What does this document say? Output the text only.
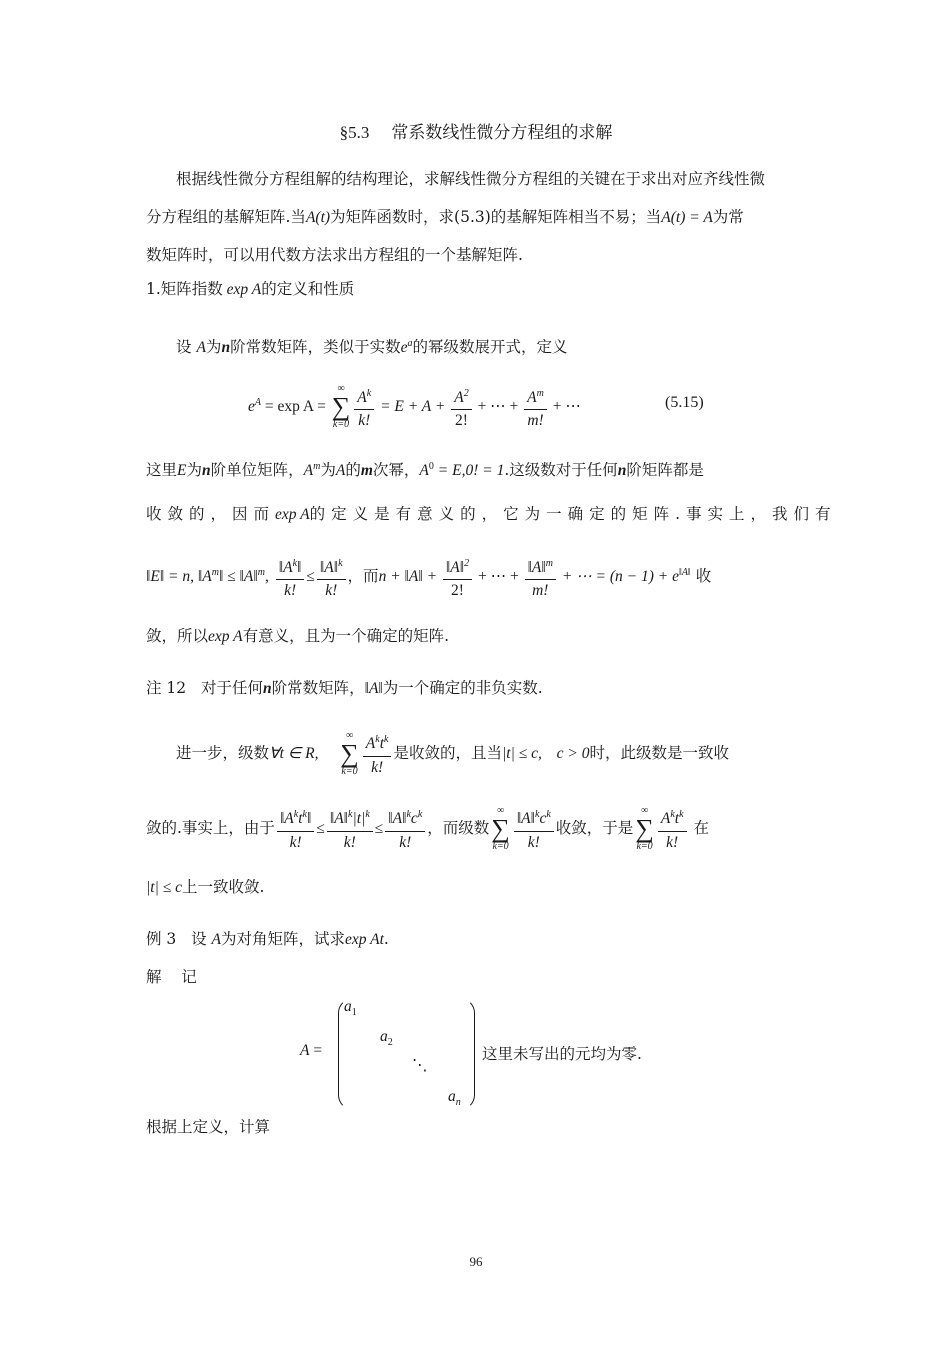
§5.3 常系数线性微分方程组的求解
根据线性微分方程组解的结构理论，求解线性微分方程组的关键在于求出对应齐线性微
分方程组的基解矩阵.当A(t)为矩阵函数时，求(5.3)的基解矩阵相当不易；当A(t) = A为常
数矩阵时，可以用代数方法求出方程组的一个基解矩阵.
1.矩阵指数 exp A的定义和性质
设 A为n阶常数矩阵，类似于实数$e^a$的幂级数展开式，定义
$e^A = \exp A$ =
∞
∑
$k=0 \frac{A^k}{k!} = E + A + \frac{A^2}{2!}$ + ⋯ + $\frac{A^m}{m!}$ + ⋯	(5.15)
这里E为n阶单位矩阵，$A^m$为A的m次幂，$A^0 = E,0$! = 1.这级数对于任何n阶矩阵都是
收敛的，因而exp A的定义是有意义的，它为一确定的矩阵.事实上，我们有
‖E‖ = n, $‖A^m‖$ ≤ ‖A‖$^m$, $\frac{‖A^k‖}{k!} \le \frac{‖A‖^k}{k!}$ ，而n + ‖A‖ + $\frac{‖A‖^2}{2!}$ + ⋯ + $\frac{‖A‖^m}{m!}$ + ⋯ = $(n - 1) + e^{‖A‖}$ 收
敛，所以exp A有意义，且为一个确定的矩阵.
注 12 对于任何n阶常数矩阵，‖A‖为一个确定的非负实数.
进一步，级数∀t ∈ R,
∞
∑
$k=0 \frac{A^kt^k}{k!}$ 是收敛的，且当|t| ≤ c, c > 0时，此级数是一致收
敛的.事实上，由于 $\frac{‖A^kt^k‖}{k!} \le \frac{‖A‖^k|t|^k}{k!} \le \frac{‖A‖^kc^k}{k!}$ ，而级数
∞
∑
$k=0 \frac{‖A‖^kc^k}{k!}$ 收敛，于是
∞
∑
$k=0 \frac{A^kt^k}{k!}$ 在
|t| ≤ c上一致收敛.
例 3 设 A为对角矩阵，试求exp At.
解 记
A =
$a_1$
$a_2$
⋱
$a_n$
这里未写出的元均为零.
根据上定义，计算
96
